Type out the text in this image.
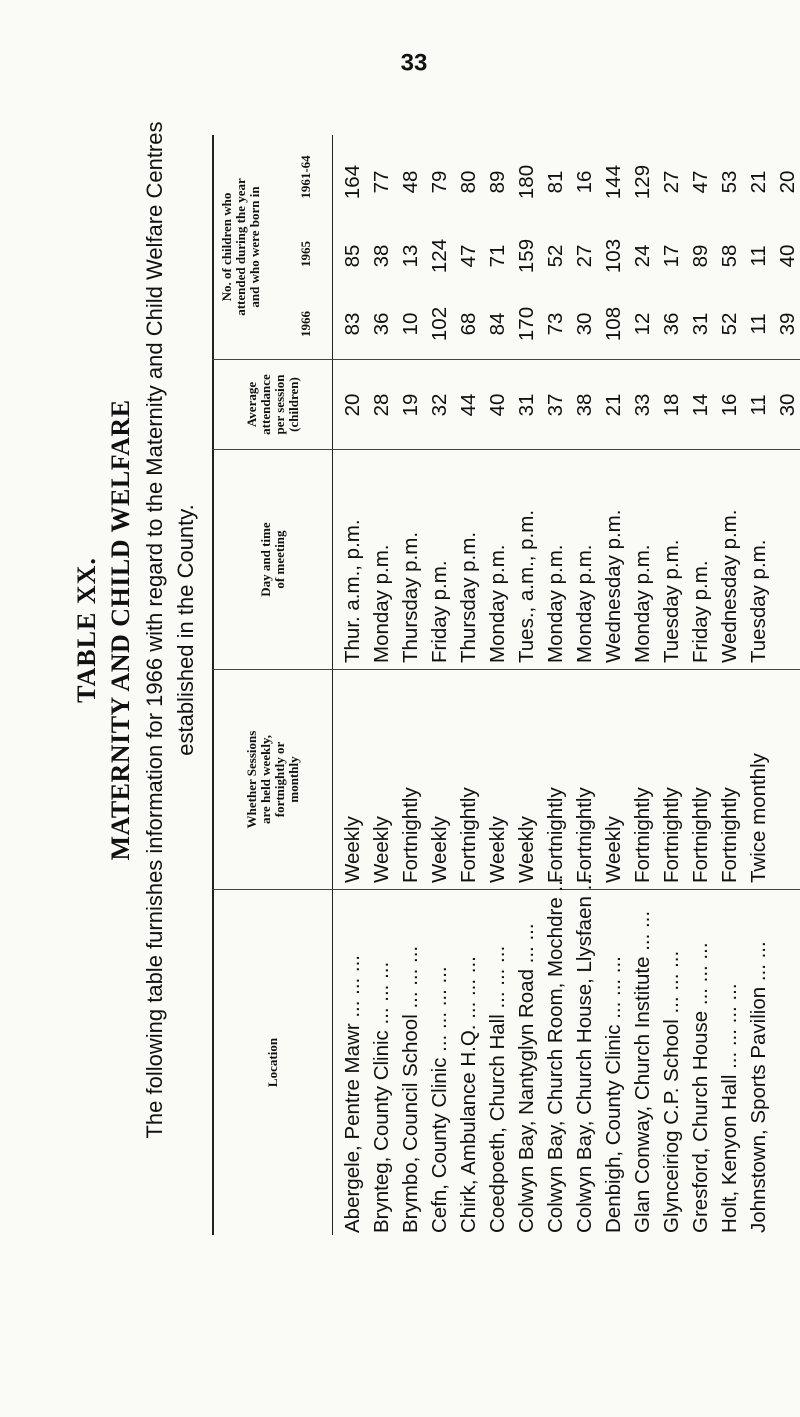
TABLE XX. MATERNITY AND CHILD WELFARE The following table furnishes information for 1966 with regard to the Maternity and Child Welfare Centres established in the County.
Location
Whether Sessions are held weekly, fortnightly or monthly
Day and time of meeting
Average attendance per session (children)
No. of children who attended during the year and who were born in
1966
1965
1961-64
Abergele, Pentre Mawr ... ... ...
Weekly
Thur. a.m., p.m.
20
83
85
164
Brynteg, County Clinic ... ... ...
Weekly
Monday p.m.
28
36
38
77
Brymbo, Council School ... ... ...
Fortnightly
Thursday p.m.
19
10
13
48
Cefn, County Clinic ... ... ... ...
Weekly
Friday p.m.
32
102
124
79
Chirk, Ambulance H.Q. ... ... ...
Fortnightly
Thursday p.m.
44
68
47
80
Coedpoeth, Church Hall ... ... ...
Weekly
Monday p.m.
40
84
71
89
Colwyn Bay, Nantyglyn Road ... ...
Weekly
Tues., a.m., p.m.
31
170
159
180
Colwyn Bay, Church Room, Mochdre ...
Fortnightly
Monday p.m.
37
73
52
81
Colwyn Bay, Church House, Llysfaen ...
Fortnightly
Monday p.m.
38
30
27
16
Denbigh, County Clinic ... ... ...
Weekly
Wednesday p.m.
21
108
103
144
Glan Conway, Church Institute ... ...
Fortnightly
Monday p.m.
33
12
24
129
Glynceiriog C.P. School ... ... ...
Fortnightly
Tuesday p.m.
18
36
17
27
Gresford, Church House ... ... ...
Fortnightly
Friday p.m.
14
31
89
47
Holt, Kenyon Hall ... ... ... ...
Fortnightly
Wednesday p.m.
16
52
58
53
Johnstown, Sports Pavilion ... ...
Twice monthly
Tuesday p.m.
11
11
11
21
30
39
40
20
33
